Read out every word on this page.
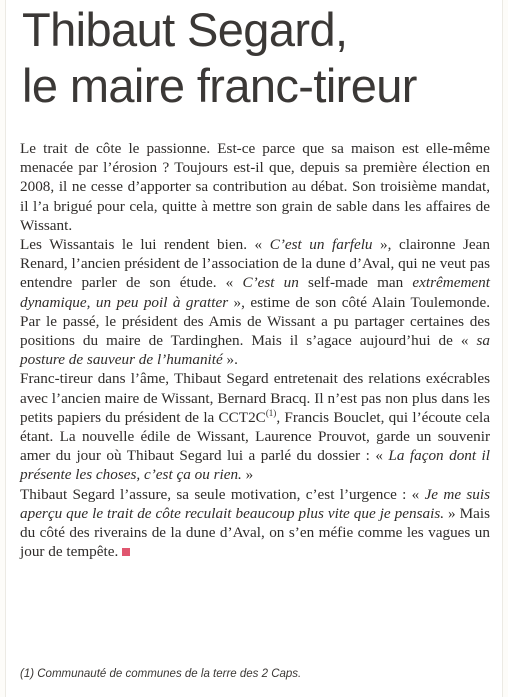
Thibaut Segard,
le maire franc-tireur

Le trait de côte le passionne. Est-ce parce que sa maison est elle-même menacée par l’érosion ? Toujours est-il que, depuis sa première élection en 2008, il ne cesse d’apporter sa contribution au débat. Son troisième mandat, il l’a brigué pour cela, quitte à mettre son grain de sable dans les affaires de Wissant.

Les Wissantais le lui rendent bien. « C’est un farfelu », claironne Jean Renard, l’ancien président de l’association de la dune d’Aval, qui ne veut pas entendre parler de son étude. « C’est un self-made man extrêmement dynamique, un peu poil à gratter », estime de son côté Alain Toulemonde. Par le passé, le président des Amis de Wissant a pu partager certaines des positions du maire de Tardinghen. Mais il s’agace aujourd’hui de « sa posture de sauveur de l’humanité ».

Franc-tireur dans l’âme, Thibaut Segard entretenait des relations exécrables avec l’ancien maire de Wissant, Bernard Bracq. Il n’est pas non plus dans les petits papiers du président de la $CCT2C^{(1)}$, Francis Bouclet, qui l’écoute cela étant. La nouvelle édile de Wissant, Laurence Prouvot, garde un souvenir amer du jour où Thibaut Segard lui a parlé du dossier : « La façon dont il présente les choses, c’est ça ou rien. »

Thibaut Segard l’assure, sa seule motivation, c’est l’urgence : « Je me suis aperçu que le trait de côte reculait beaucoup plus vite que je pensais. » Mais du côté des riverains de la dune d’Aval, on s’en méfie comme les vagues un jour de tempête.

(1) Communauté de communes de la terre des 2 Caps.
